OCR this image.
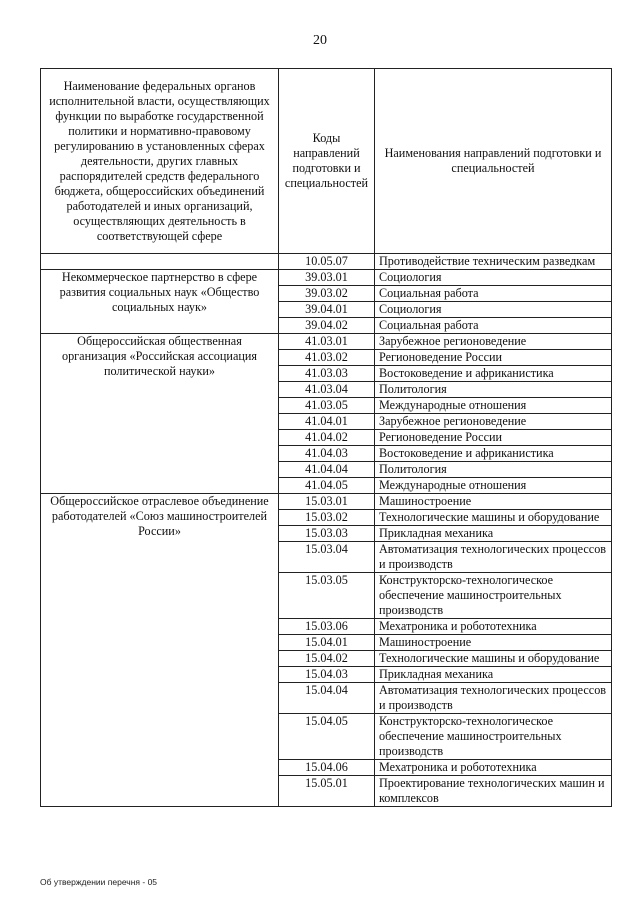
20
Наименование федеральных органов исполнительной власти, осуществляющих функции по выработке государственной политики и нормативно-правовому регулированию в установленных сферах деятельности, других главных распорядителей средств федерального бюджета, общероссийских объединений работодателей и иных организаций, осуществляющих деятельность в соответствующей сфере	Коды направлений подготовки и специальностей	Наименования направлений подготовки и специальностей
	10.05.07	Противодействие техническим разведкам
Некоммерческое партнерство в сфере развития социальных наук «Общество социальных наук»	39.03.01	Социология
	39.03.02	Социальная работа
	39.04.01	Социология
	39.04.02	Социальная работа
Общероссийская общественная организация «Российская ассоциация политической науки»	41.03.01	Зарубежное регионоведение
	41.03.02	Регионоведение России
	41.03.03	Востоковедение и африканистика
	41.03.04	Политология
	41.03.05	Международные отношения
	41.04.01	Зарубежное регионоведение
	41.04.02	Регионоведение России
	41.04.03	Востоковедение и африканистика
	41.04.04	Политология
	41.04.05	Международные отношения
Общероссийское отраслевое объединение работодателей «Союз машиностроителей России»	15.03.01	Машиностроение
	15.03.02	Технологические машины и оборудование
	15.03.03	Прикладная механика
	15.03.04	Автоматизация технологических процессов и производств
	15.03.05	Конструкторско-технологическое обеспечение машиностроительных производств
	15.03.06	Мехатроника и робототехника
	15.04.01	Машиностроение
	15.04.02	Технологические машины и оборудование
	15.04.03	Прикладная механика
	15.04.04	Автоматизация технологических процессов и производств
	15.04.05	Конструкторско-технологическое обеспечение машиностроительных производств
	15.04.06	Мехатроника и робототехника
	15.05.01	Проектирование технологических машин и комплексов
Об утверждении перечня - 05
